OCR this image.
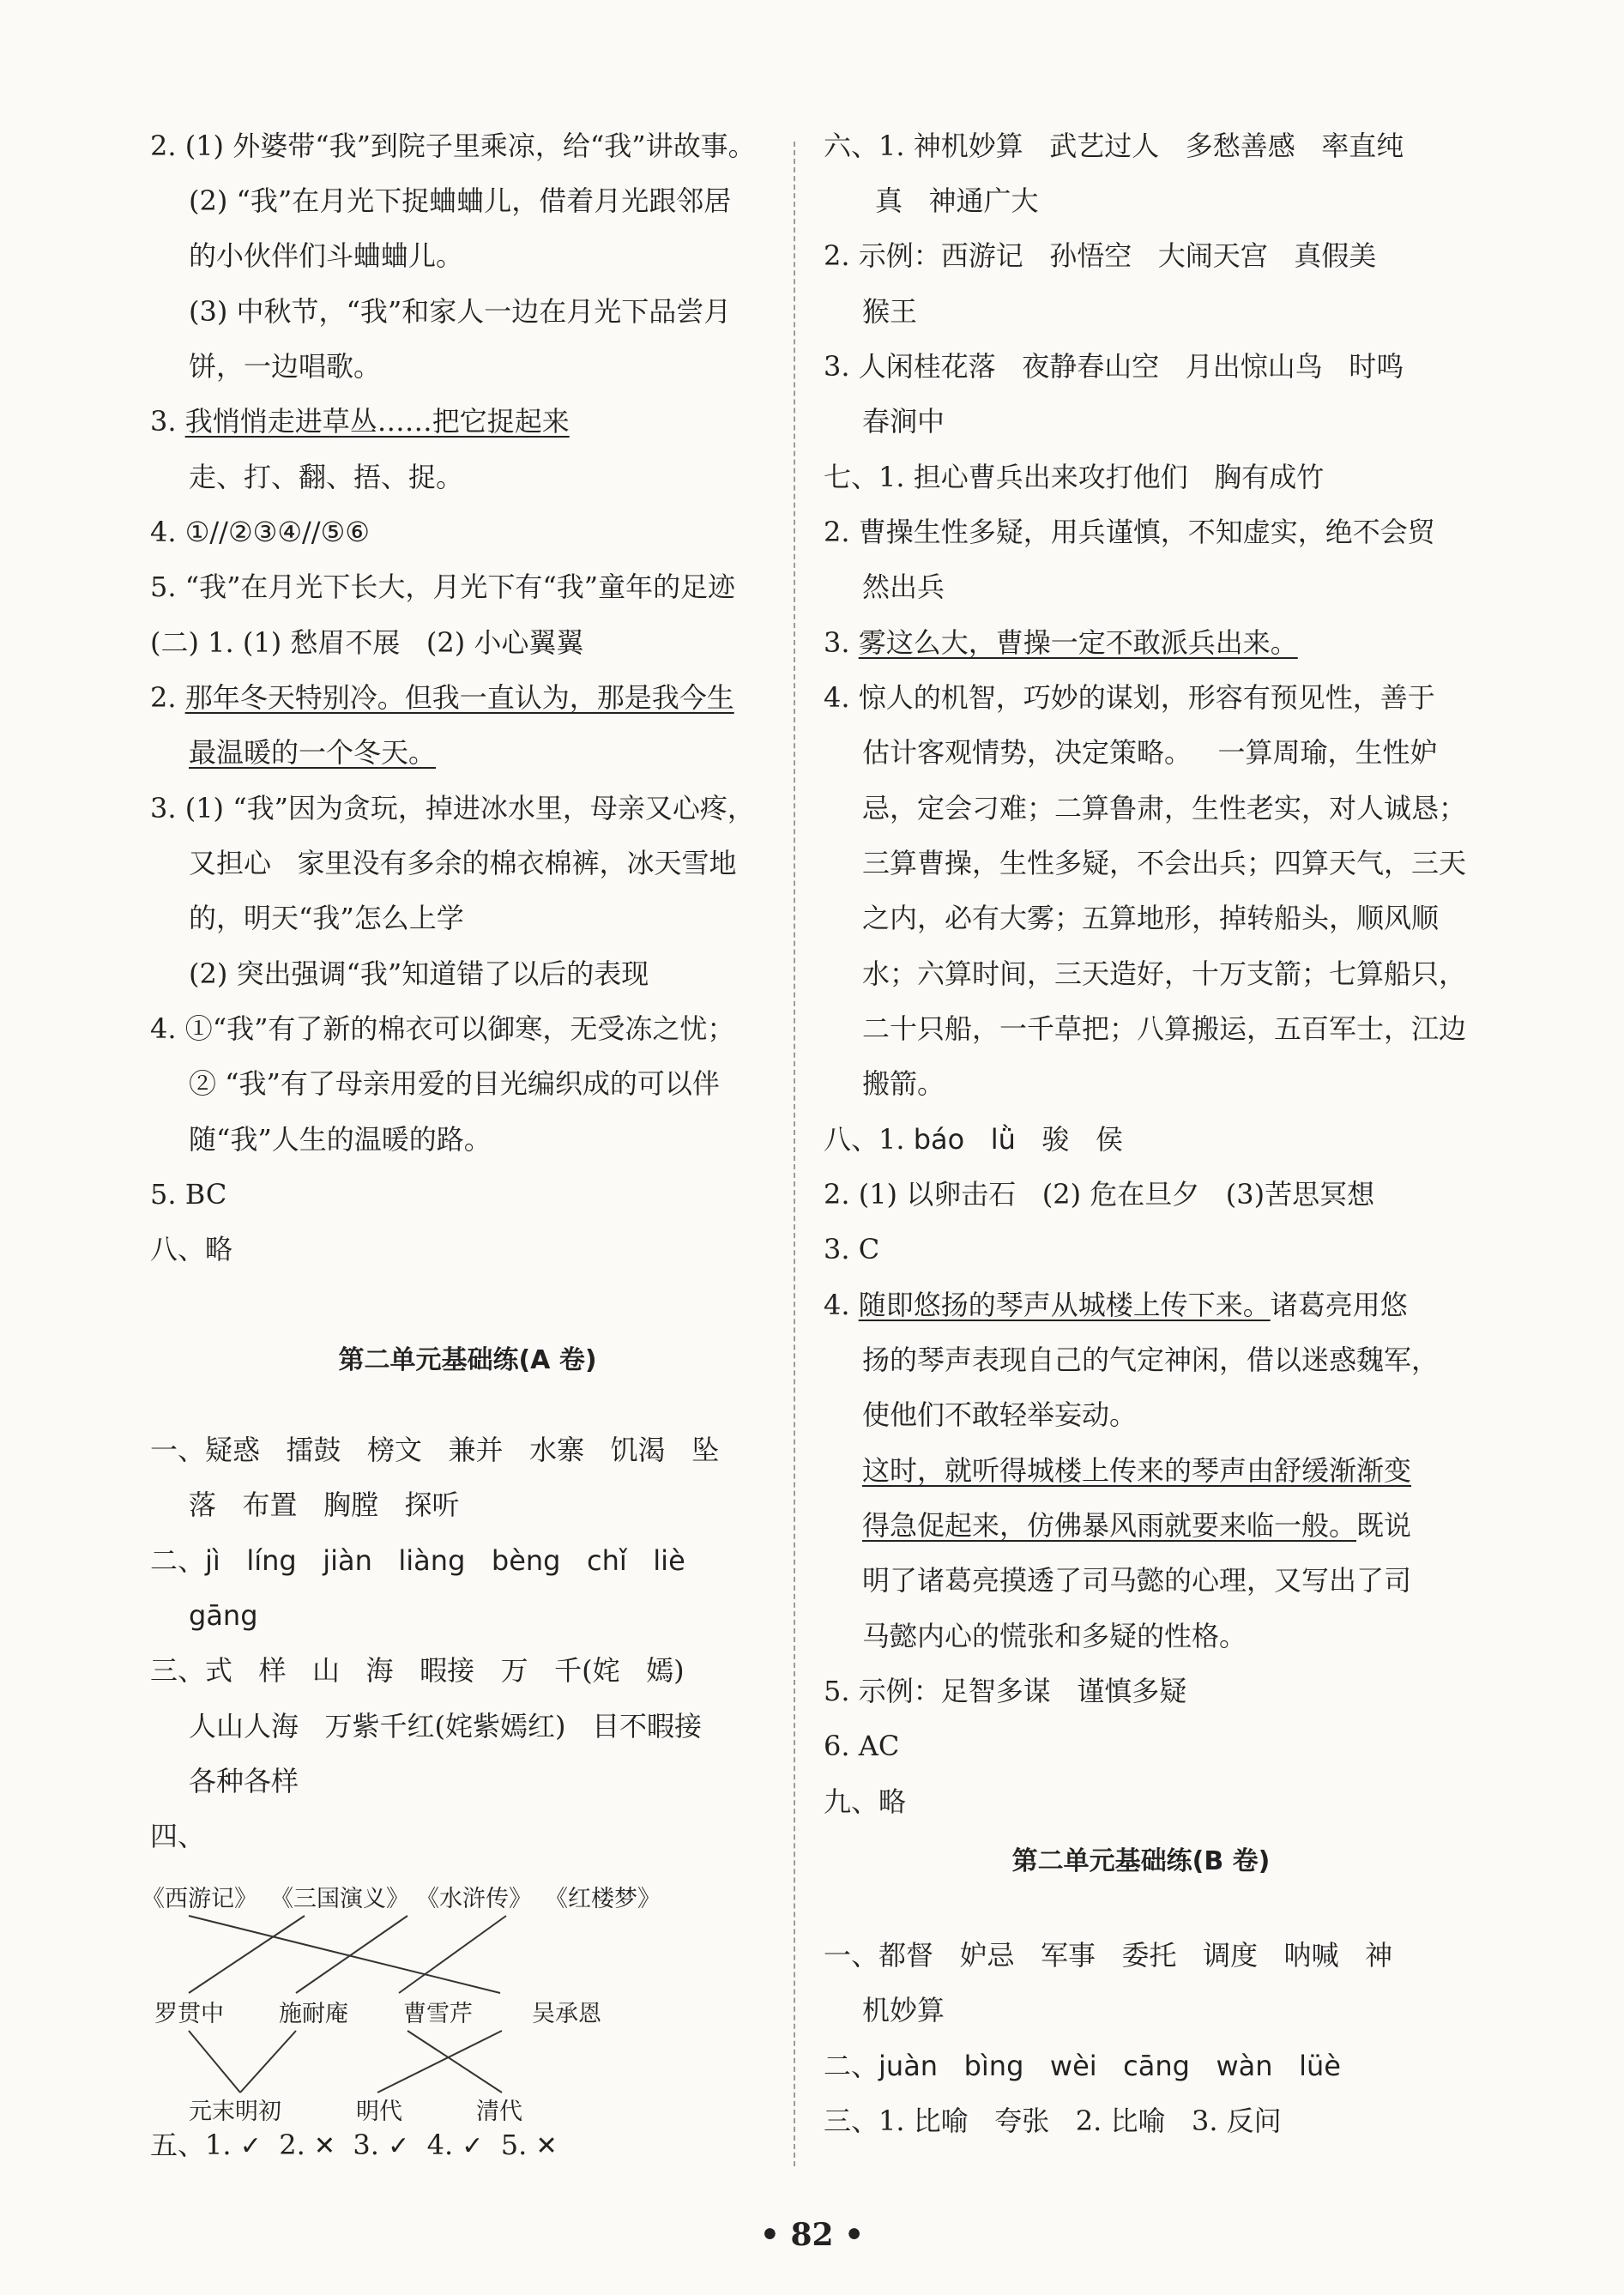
2. (1) 外婆带“我”到院子里乘凉，给“我”讲故事。
(2) “我”在月光下捉蛐蛐儿，借着月光跟邻居
的小伙伴们斗蛐蛐儿。
(3) 中秋节，“我”和家人一边在月光下品尝月
饼，一边唱歌。
3. 我悄悄走进草丛……把它捉起来
走、打、翻、捂、捉。
4. ①//②③④//⑤⑥
5. “我”在月光下长大，月光下有“我”童年的足迹
(二) 1. (1) 愁眉不展   (2) 小心翼翼
2. 那年冬天特别冷。但我一直认为，那是我今生
最温暖的一个冬天。
3. (1) “我”因为贪玩，掉进冰水里，母亲又心疼，
又担心   家里没有多余的棉衣棉裤，冰天雪地
的，明天“我”怎么上学
(2) 突出强调“我”知道错了以后的表现
4. ①“我”有了新的棉衣可以御寒，无受冻之忧；
② “我”有了母亲用爱的目光编织成的可以伴
随“我”人生的温暖的路。
5. BC
八、略
第二单元基础练(A 卷)
一、疑惑   擂鼓   榜文   兼并   水寨   饥渴   坠
落   布置   胸膛   探听
二、jì   líng   jiàn   liàng   bèng   chǐ   liè
gāng
三、式   样   山   海   暇接   万   千(姹   嫣)
人山人海   万紫千红(姹紫嫣红)   目不暇接
各种各样
四、
五、1. ✓  2. ✕  3. ✓  4. ✓  5. ✕
《西游记》 《三国演义》 《水浒传》 《红楼梦》
罗贯中 施耐庵 曹雪芹	吴承恩
元末明初	明代	清代
六、1. 神机妙算   武艺过人   多愁善感   率直纯
真   神通广大
2. 示例：西游记   孙悟空   大闹天宫   真假美
猴王
3. 人闲桂花落   夜静春山空   月出惊山鸟   时鸣
春涧中
七、1. 担心曹兵出来攻打他们   胸有成竹
2. 曹操生性多疑，用兵谨慎，不知虚实，绝不会贸
然出兵
3. 雾这么大，曹操一定不敢派兵出来。
4. 惊人的机智，巧妙的谋划，形容有预见性，善于
估计客观情势，决定策略。   一算周瑜，生性妒
忌，定会刁难；二算鲁肃，生性老实，对人诚恳；
三算曹操，生性多疑，不会出兵；四算天气，三天
之内，必有大雾；五算地形，掉转船头，顺风顺
水；六算时间，三天造好，十万支箭；七算船只，
二十只船，一千草把；八算搬运，五百军士，江边
搬箭。
八、1. báo   lǜ   骏   侯
2. (1) 以卵击石   (2) 危在旦夕   (3)苦思冥想
3. C
4. 随即悠扬的琴声从城楼上传下来。诸葛亮用悠
扬的琴声表现自己的气定神闲，借以迷惑魏军，
使他们不敢轻举妄动。
这时，就听得城楼上传来的琴声由舒缓渐渐变
得急促起来，仿佛暴风雨就要来临一般。既说
明了诸葛亮摸透了司马懿的心理，又写出了司
马懿内心的慌张和多疑的性格。
5. 示例：足智多谋   谨慎多疑
6. AC
九、略
第二单元基础练(B 卷)
一、都督   妒忌   军事   委托   调度   呐喊   神
机妙算
二、juàn   bìng   wèi   cāng   wàn   lüè
三、1. 比喻   夸张   2. 比喻   3. 反问
• 82 •
